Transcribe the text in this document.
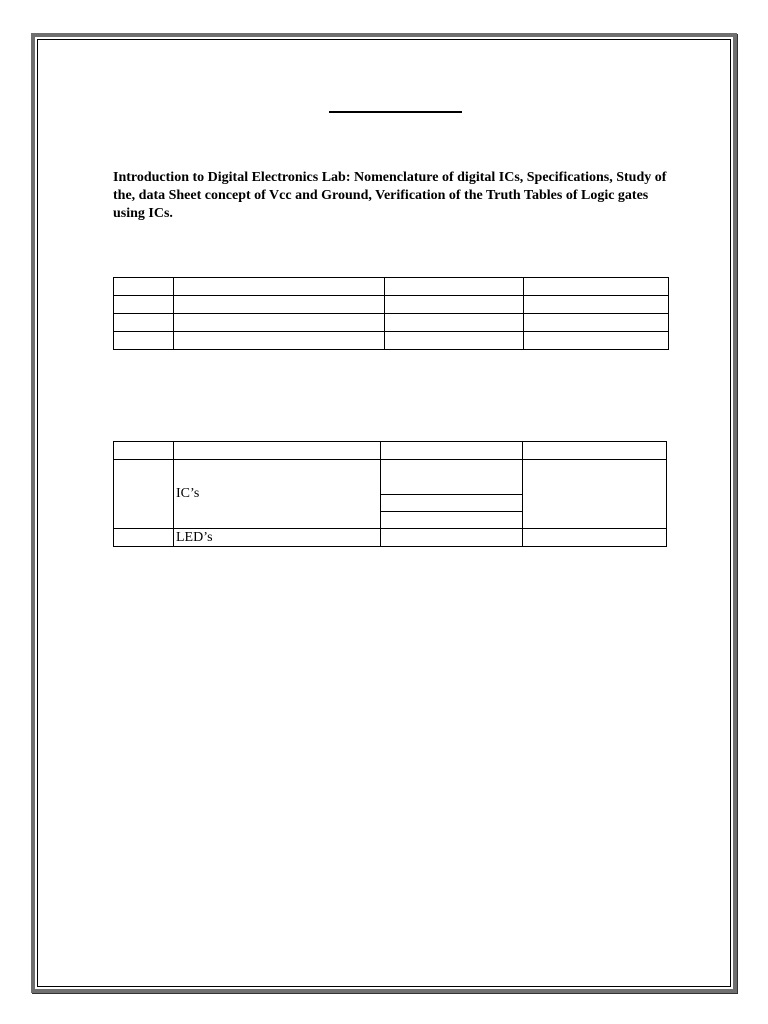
Introduction to Digital Electronics Lab: Nomenclature of digital ICs, Specifications, Study of the, data Sheet concept of Vcc and Ground, Verification of the Truth Tables of Logic gates using ICs.

	IC’s		

	LED’s		
